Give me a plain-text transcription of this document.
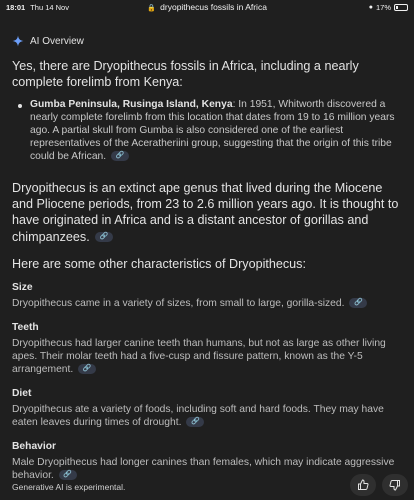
18:01 Thu 14 Nov	🔒 dryopithecus fossils in Africa	● 17%
AI Overview

Yes, there are Dryopithecus fossils in Africa, including a nearly complete forelimb from Kenya:

Gumba Peninsula, Rusinga Island, Kenya: In 1951, Whitworth discovered a nearly complete forelimb from this location that dates from 19 to 16 million years ago. A partial skull from Gumba is also considered one of the earliest representatives of the Aceratheriini group, suggesting that the origin of this tribe could be African. 🔗

Dryopithecus is an extinct ape genus that lived during the Miocene and Pliocene periods, from 23 to 2.6 million years ago. It is thought to have originated in Africa and is a distant ancestor of gorillas and chimpanzees. 🔗

Here are some other characteristics of Dryopithecus:

Size

Dryopithecus came in a variety of sizes, from small to large, gorilla-sized. 🔗

Teeth

Dryopithecus had larger canine teeth than humans, but not as large as other living apes. Their molar teeth had a five-cusp and fissure pattern, known as the Y-5 arrangement. 🔗

Diet

Dryopithecus ate a variety of foods, including soft and hard foods. They may have eaten leaves during times of drought. 🔗

Behavior

Male Dryopithecus had longer canines than females, which may indicate aggressive behavior. 🔗

Generative AI is experimental.
